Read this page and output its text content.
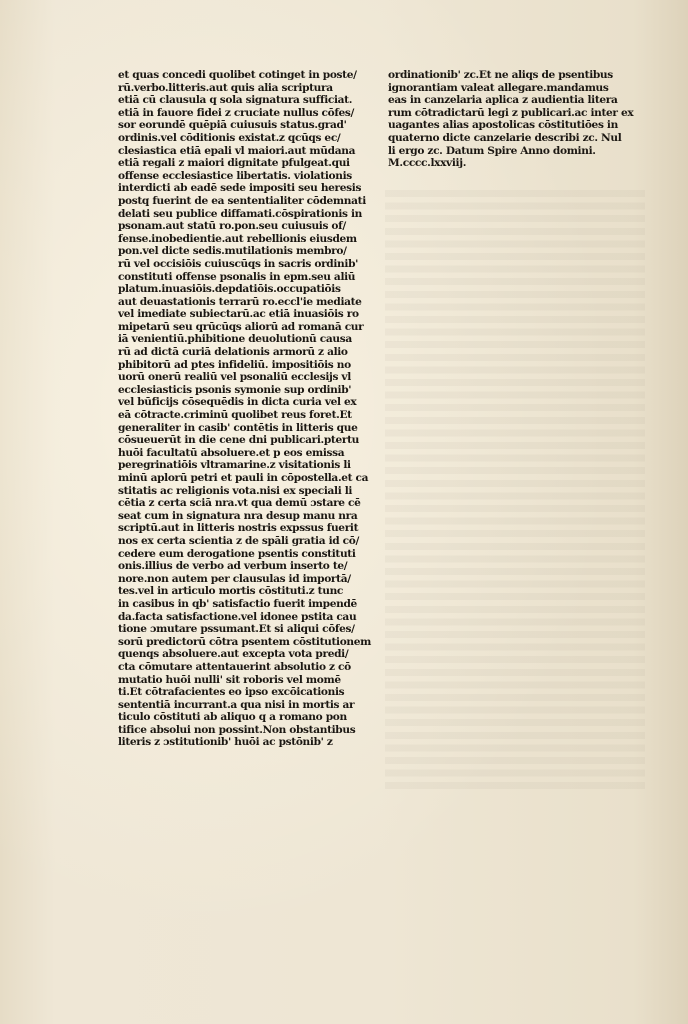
et quas concedi quolibet cotinget in poste/
rū.verbo.litteris.aut quis alia scriptura
etiā cū clausula q sola signatura sufficiat.
etiā in fauore fidei z cruciate nullus cōfes/
sor eorundē quēpiā cuiusuis status.grad'
ordinis.vel cōditionis existat.z qcūqs ec/
clesiastica etiā epali vl maiori.aut mūdana
etiā regali z maiori dignitate pfulgeat.qui
offense ecclesiastice libertatis. violationis
interdicti ab eadē sede impositi seu heresis
postq fuerint de ea sententialiter cōdemnati
delati seu publice diffamati.cōspirationis in
psonam.aut statū ro.pon.seu cuiusuis of/
fense.inobedientie.aut rebellionis eiusdem
pon.vel dicte sedis.mutilationis membro/
rū vel occisiōis cuiuscūqs in sacris ordinib'
constituti offense psonalis in epm.seu aliū
platum.inuasiōis.depdatiōis.occupatiōis
aut deuastationis terrarū ro.eccl'ie mediate
vel imediate subiectarū.ac etiā inuasiōis ro
mipetarū seu qrūcūqs aliorū ad romanā cur
iā venientiū.phibitione deuolutionū causa
rū ad dictā curiā delationis armorū z alio
phibitorū ad ptes infideliū. impositiōis no
uorū onerū realiū vel psonaliū ecclesijs vl
ecclesiasticis psonis symonie sup ordinib'
vel būficijs cōsequēdis in dicta curia vel ex
eā cōtracte.criminū quolibet reus foret.Et
generaliter in casib' contētis in litteris que
cōsueuerūt in die cene dni publicari.ptertu
huōi facultatū absoluere.et p eos emissa
peregrinatiōis vltramarine.z visitationis li
minū aplorū petri et pauli in cōpostella.et ca
stitatis ac religionis vota.nisi ex speciali li
cētia z certa sciā nra.vt qua demū ɔstare cē
seat cum in signatura nra desup manu nra
scriptū.aut in litteris nostris expssus fuerit
nos ex certa scientia z de spāli gratia id cō/
cedere eum derogatione psentis constituti
onis.illius de verbo ad verbum inserto te/
nore.non autem per clausulas id importā/
tes.vel in articulo mortis cōstituti.z tunc
in casibus in qb' satisfactio fuerit impendē
da.facta satisfactione.vel idonee pstita cau
tione ɔmutare pssumant.Et si aliqui cōfes/
sorū predictorū cōtra psentem cōstitutionem
quenqs absoluere.aut excepta vota predi/
cta cōmutare attentauerint absolutio z cō
mutatio huōi nulli' sit roboris vel momē
ti.Et cōtrafacientes eo ipso excōicationis
sententiā incurrant.a qua nisi in mortis ar
ticulo cōstituti ab aliquo q a romano pon
tifice absolui non possint.Non obstantibus
literis z ɔstitutionib' huōi ac pstōnib' z
ordinationib' zc.Et ne aliqs de psentibus
ignorantiam valeat allegare.mandamus
eas in canzelaria aplica z audientia litera
rum cōtradictarū legi z publicari.ac inter ex
uagantes alias apostolicas cōstitutiōes in
quaterno dicte canzelarie describi zc. Nul
li ergo zc. Datum Spire Anno domini.
M.cccc.lxxviij.
